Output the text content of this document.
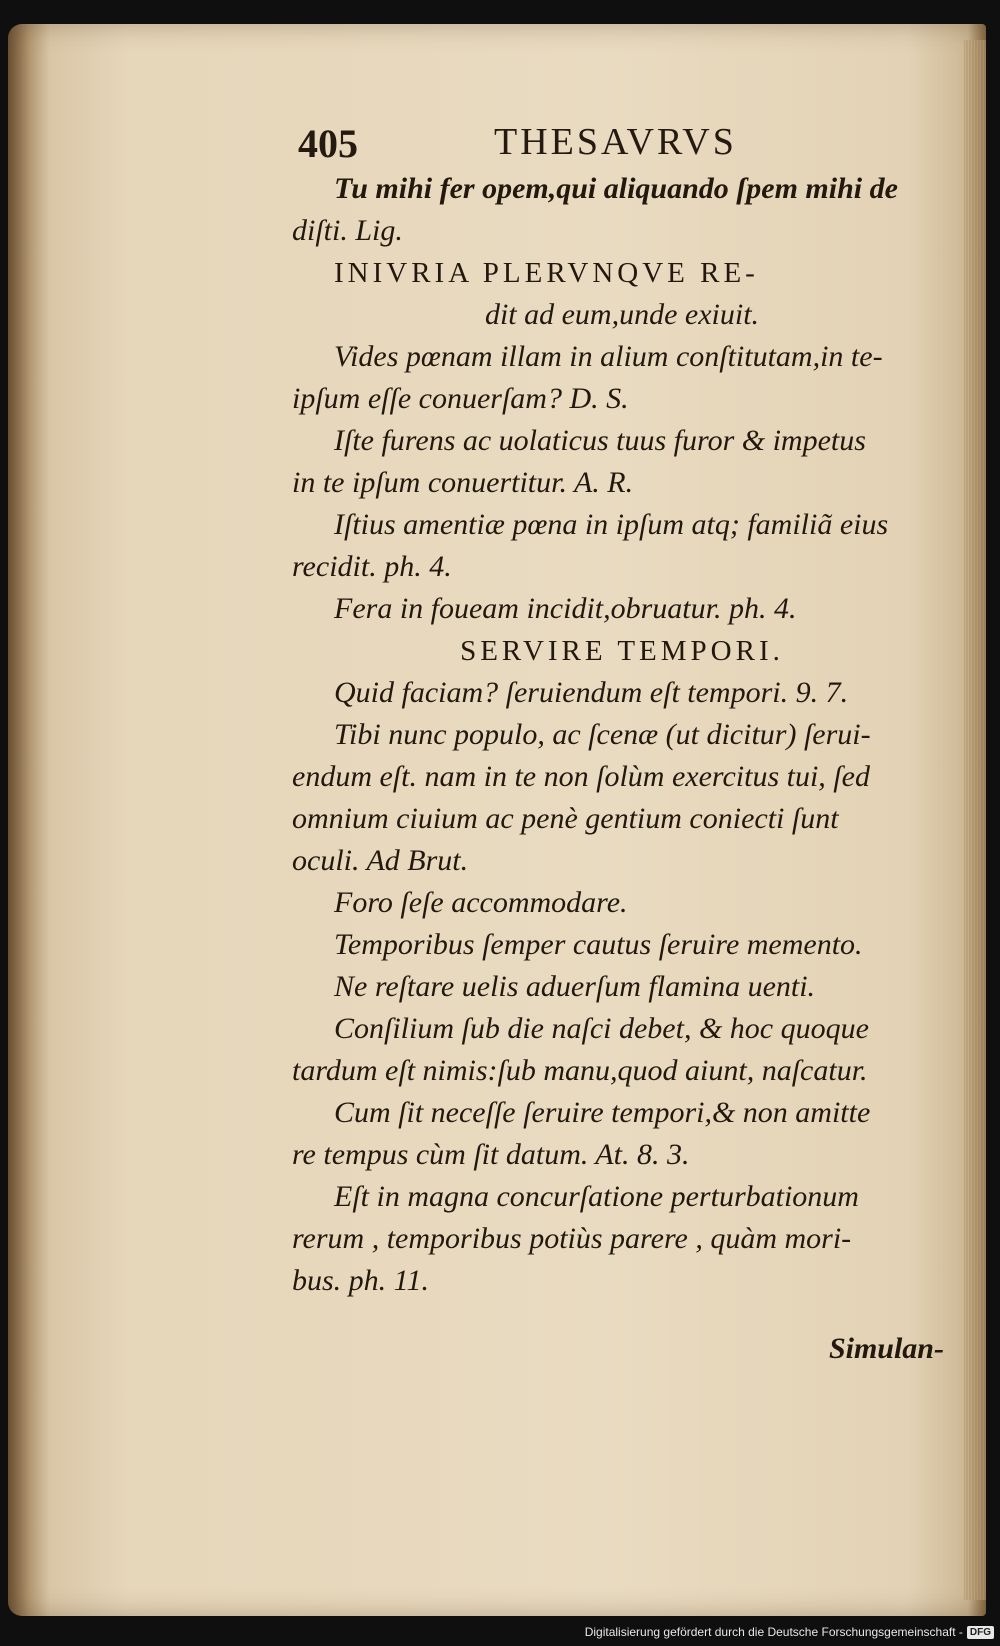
405	THESAVRVS
Tu mihi fer opem,qui aliquando ſpem mihi de
diſti. Lig.
INIVRIA PLERVNQVE RE-
dit ad eum,unde exiuit.
Vides pœnam illam in alium conſtitutam,in te-
ipſum eſſe conuerſam? D. S.
Iſte furens ac uolaticus tuus furor & impetus
in te ipſum conuertitur. A. R.
Iſtius amentiæ pœna in ipſum atq; familiã eius
recidit. ph. 4.
Fera in foueam incidit,obruatur. ph. 4.
SERVIRE TEMPORI.
Quid faciam? ſeruiendum eſt tempori. 9. 7.
Tibi nunc populo, ac ſcenæ (ut dicitur) ſerui-
endum eſt. nam in te non ſolùm exercitus tui, ſed
omnium ciuium ac penè gentium coniecti ſunt
oculi. Ad Brut.
Foro ſeſe accommodare.
Temporibus ſemper cautus ſeruire memento.
Ne reſtare uelis aduerſum flamina uenti.
Conſilium ſub die naſci debet, & hoc quoque
tardum eſt nimis:ſub manu,quod aiunt, naſcatur.
Cum ſit neceſſe ſeruire tempori,& non amitte
re tempus cùm ſit datum. At. 8. 3.
Eſt in magna concurſatione perturbationum
rerum , temporibus potiùs parere , quàm mori-
bus. ph. 11.
Simulan-
Digitalisierung gefördert durch die Deutsche Forschungsgemeinschaft - DFG
